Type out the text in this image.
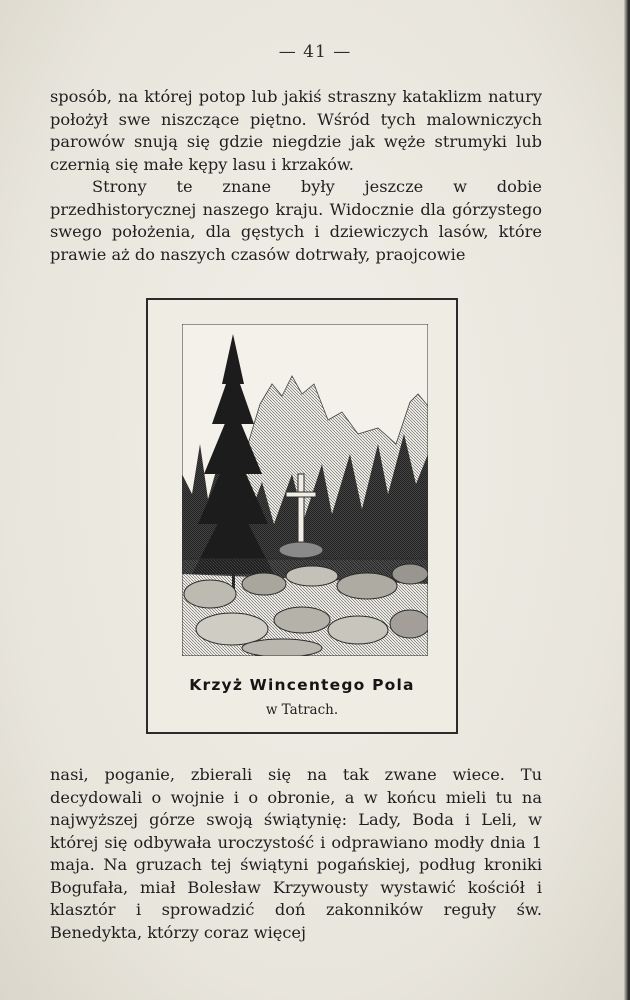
— 41 —

sposób, na której potop lub jakiś straszny kataklizm natury położył swe niszczące piętno. Wśród tych malowniczych parowów snują się gdzie niegdzie jak węże strumyki lub czernią się małe kępy lasu i krzaków.

Strony te znane były jeszcze w dobie przedhistorycznej naszego kraju. Widocznie dla górzystego swego położenia, dla gęstych i dziewiczych lasów, które prawie aż do naszych czasów dotrwały, praojcowie

Krzyż Wincentego Pola
w Tatrach.

nasi, poganie, zbierali się na tak zwane wiece. Tu decydowali o wojnie i o obronie, a w końcu mieli tu na najwyższej górze swoją świątynię: Lady, Boda i Leli, w której się odbywała uroczystość i odprawiano modły dnia 1 maja. Na gruzach tej świątyni pogańskiej, podług kroniki Bogufała, miał Bolesław Krzywousty wystawić kościół i klasztór i sprowadzić doń zakonników reguły św. Benedykta, którzy coraz więcej
